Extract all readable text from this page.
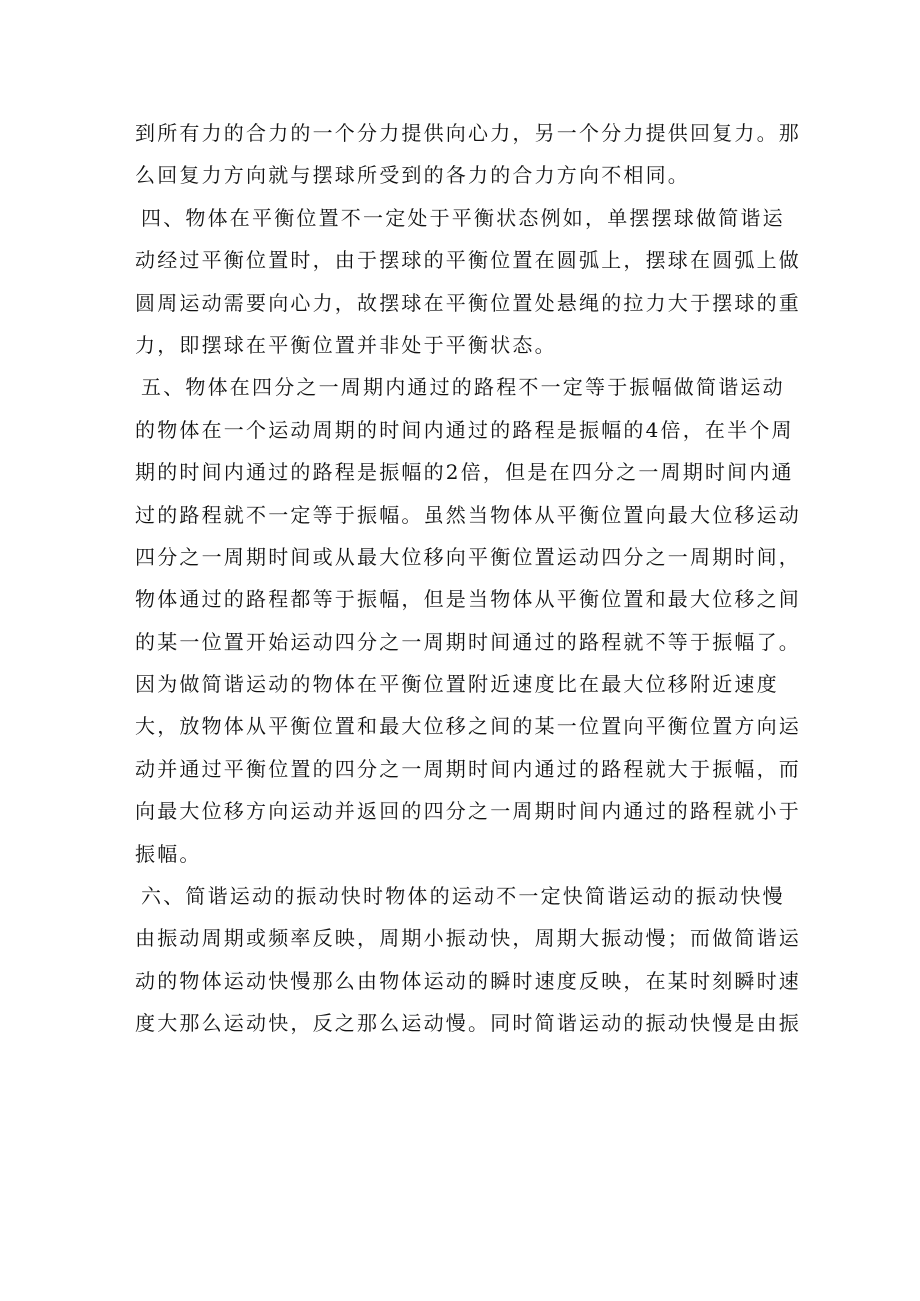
到所有力的合力的一个分力提供向心力，另一个分力提供回复力。那
么回复力方向就与摆球所受到的各力的合力方向不相同。
四、物体在平衡位置不一定处于平衡状态例如，单摆摆球做简谐运
动经过平衡位置时，由于摆球的平衡位置在圆弧上，摆球在圆弧上做
圆周运动需要向心力，故摆球在平衡位置处悬绳的拉力大于摆球的重
力，即摆球在平衡位置并非处于平衡状态。
五、物体在四分之一周期内通过的路程不一定等于振幅做简谐运动
的物体在一个运动周期的时间内通过的路程是振幅的4倍，在半个周
期的时间内通过的路程是振幅的2倍，但是在四分之一周期时间内通
过的路程就不一定等于振幅。虽然当物体从平衡位置向最大位移运动
四分之一周期时间或从最大位移向平衡位置运动四分之一周期时间，
物体通过的路程都等于振幅，但是当物体从平衡位置和最大位移之间
的某一位置开始运动四分之一周期时间通过的路程就不等于振幅了。
因为做简谐运动的物体在平衡位置附近速度比在最大位移附近速度
大，放物体从平衡位置和最大位移之间的某一位置向平衡位置方向运
动并通过平衡位置的四分之一周期时间内通过的路程就大于振幅，而
向最大位移方向运动并返回的四分之一周期时间内通过的路程就小于
振幅。
六、简谐运动的振动快时物体的运动不一定快简谐运动的振动快慢
由振动周期或频率反映，周期小振动快，周期大振动慢；而做简谐运
动的物体运动快慢那么由物体运动的瞬时速度反映，在某时刻瞬时速
度大那么运动快，反之那么运动慢。同时简谐运动的振动快慢是由振
